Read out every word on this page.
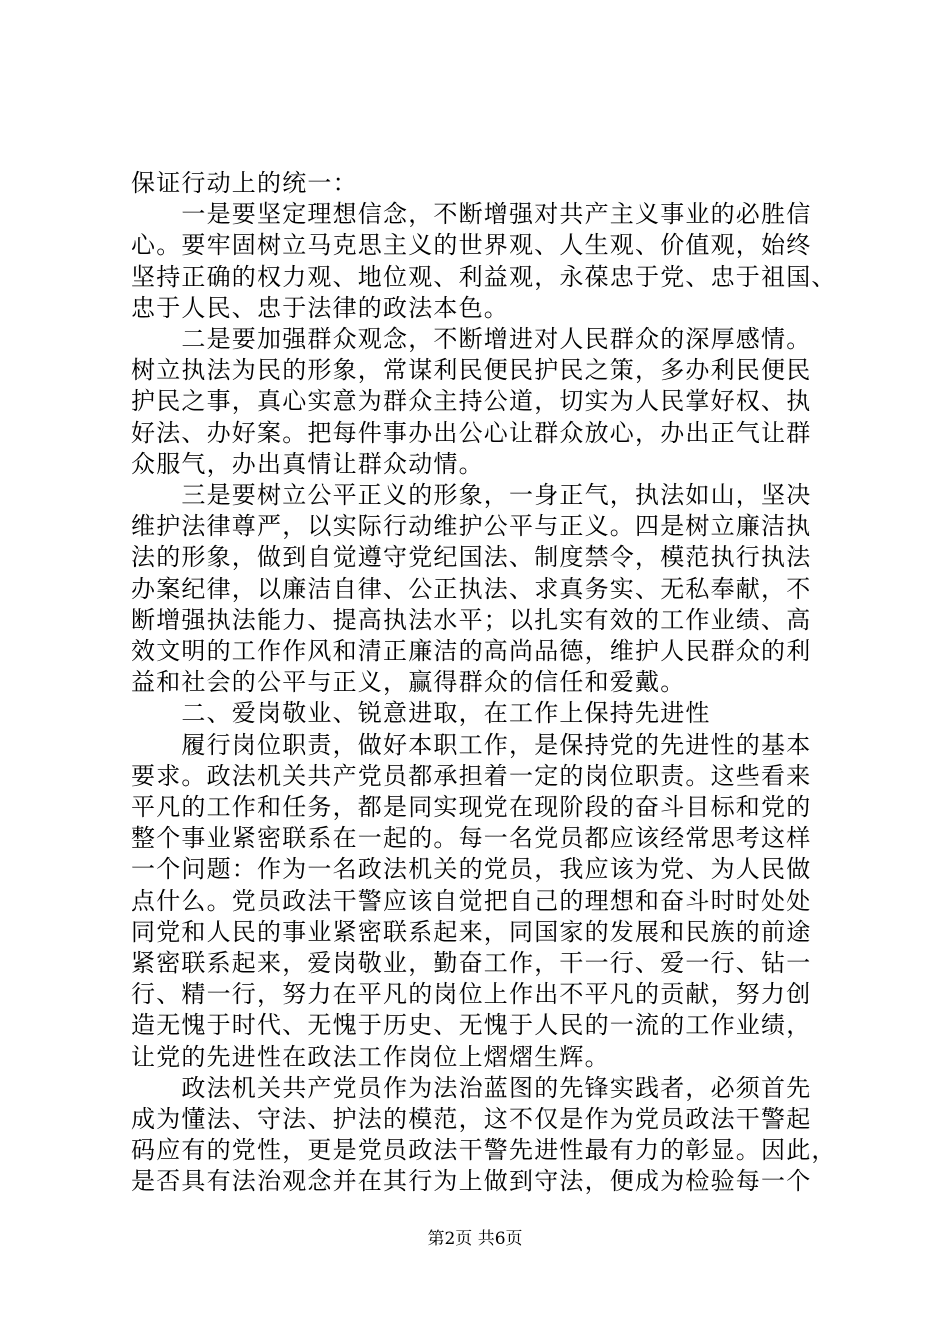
保证行动上的统一：
　　一是要坚定理想信念，不断增强对共产主义事业的必胜信
心。要牢固树立马克思主义的世界观、人生观、价值观，始终
坚持正确的权力观、地位观、利益观，永葆忠于党、忠于祖国、
忠于人民、忠于法律的政法本色。
　　二是要加强群众观念，不断增进对人民群众的深厚感情。
树立执法为民的形象，常谋利民便民护民之策，多办利民便民
护民之事，真心实意为群众主持公道，切实为人民掌好权、执
好法、办好案。把每件事办出公心让群众放心，办出正气让群
众服气，办出真情让群众动情。
　　三是要树立公平正义的形象，一身正气，执法如山，坚决
维护法律尊严，以实际行动维护公平与正义。四是树立廉洁执
法的形象，做到自觉遵守党纪国法、制度禁令，模范执行执法
办案纪律，以廉洁自律、公正执法、求真务实、无私奉献，不
断增强执法能力、提高执法水平；以扎实有效的工作业绩、高
效文明的工作作风和清正廉洁的高尚品德，维护人民群众的利
益和社会的公平与正义，赢得群众的信任和爱戴。
　　二、爱岗敬业、锐意进取，在工作上保持先进性
　　履行岗位职责，做好本职工作，是保持党的先进性的基本
要求。政法机关共产党员都承担着一定的岗位职责。这些看来
平凡的工作和任务，都是同实现党在现阶段的奋斗目标和党的
整个事业紧密联系在一起的。每一名党员都应该经常思考这样
一个问题：作为一名政法机关的党员，我应该为党、为人民做
点什么。党员政法干警应该自觉把自己的理想和奋斗时时处处
同党和人民的事业紧密联系起来，同国家的发展和民族的前途
紧密联系起来，爱岗敬业，勤奋工作，干一行、爱一行、钻一
行、精一行，努力在平凡的岗位上作出不平凡的贡献，努力创
造无愧于时代、无愧于历史、无愧于人民的一流的工作业绩，
让党的先进性在政法工作岗位上熠熠生辉。
　　政法机关共产党员作为法治蓝图的先锋实践者，必须首先
成为懂法、守法、护法的模范，这不仅是作为党员政法干警起
码应有的党性，更是党员政法干警先进性最有力的彰显。因此，
是否具有法治观念并在其行为上做到守法，便成为检验每一个
第2页 共6页
